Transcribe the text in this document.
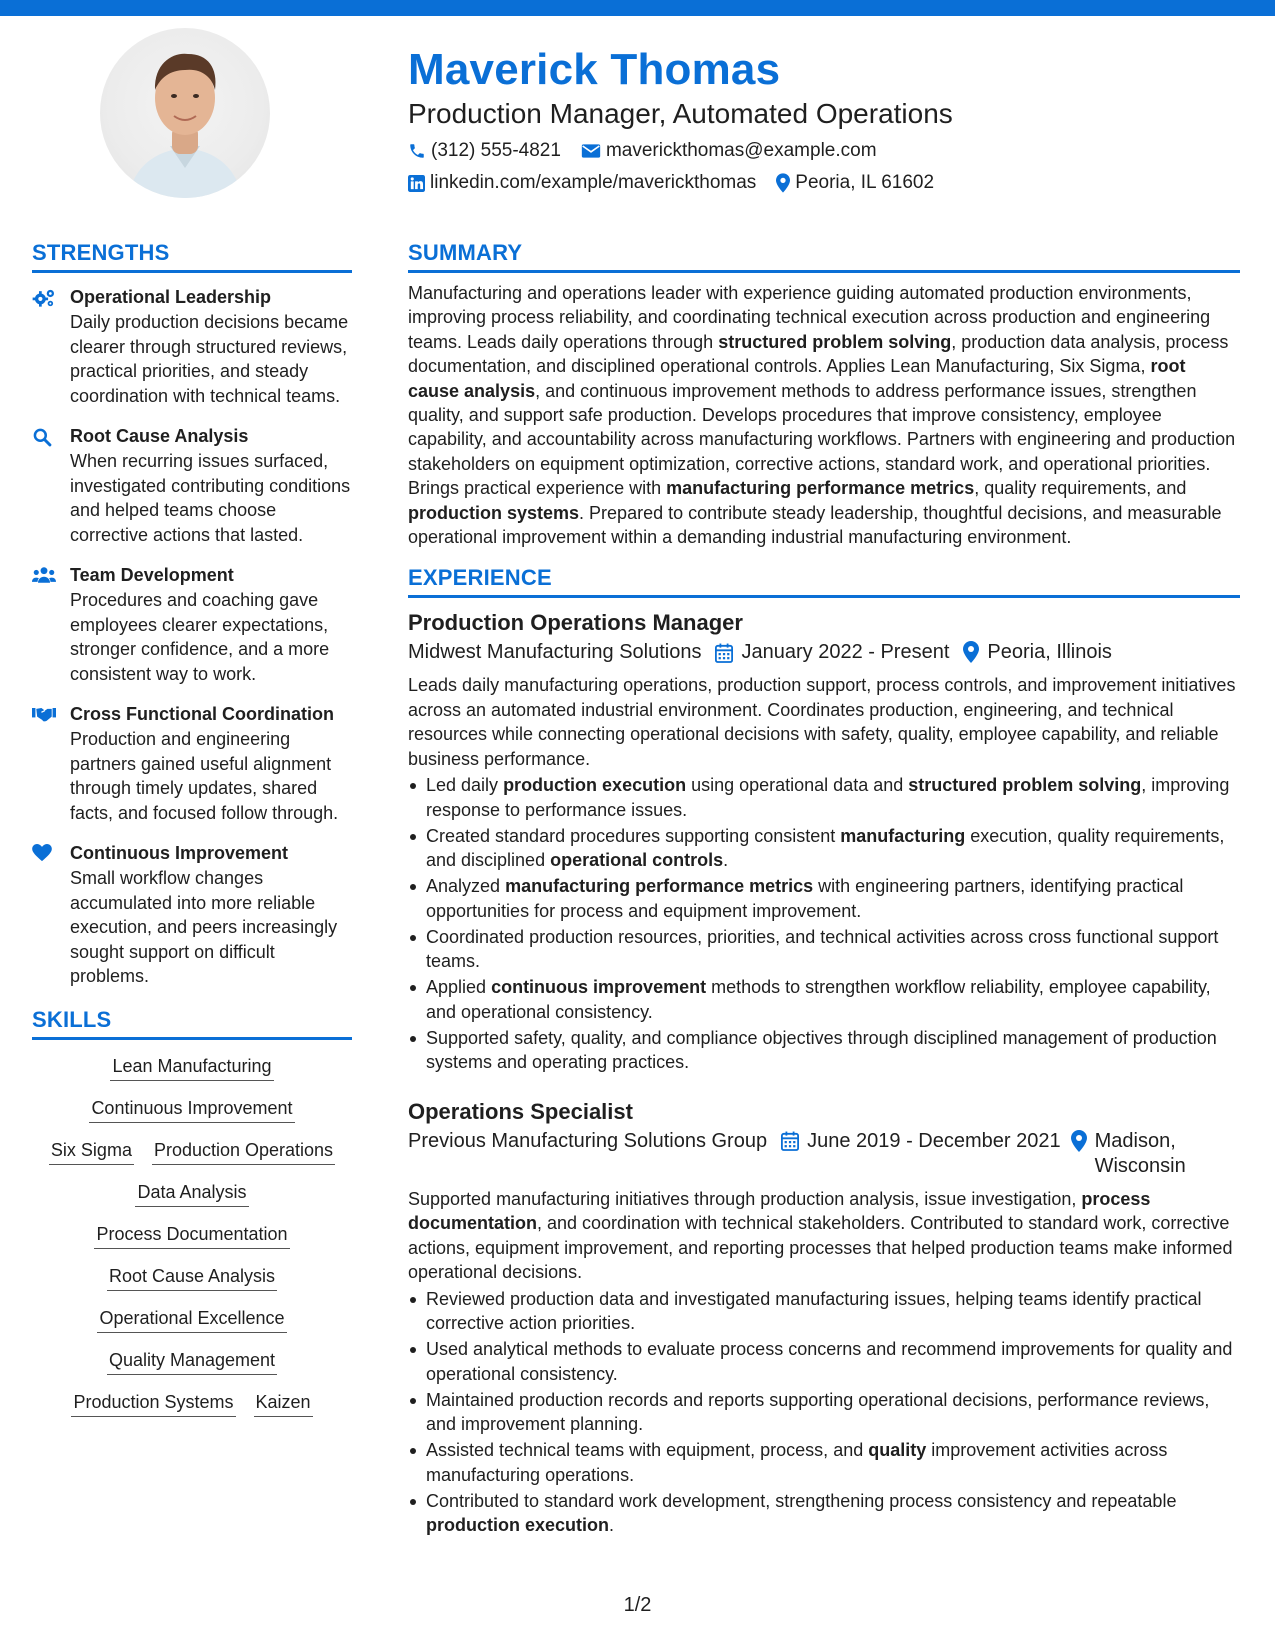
Maverick Thomas
Production Manager, Automated Operations
(312) 555-4821 maverickthomas@example.com
linkedin.com/example/maverickthomas Peoria, IL 61602
STRENGTHS
Operational Leadership
Daily production decisions became clearer through structured reviews, practical priorities, and steady coordination with technical teams.
Root Cause Analysis
When recurring issues surfaced, investigated contributing conditions and helped teams choose corrective actions that lasted.
Team Development
Procedures and coaching gave employees clearer expectations, stronger confidence, and a more consistent way to work.
Cross Functional Coordination
Production and engineering partners gained useful alignment through timely updates, shared facts, and focused follow through.
Continuous Improvement
Small workflow changes accumulated into more reliable execution, and peers increasingly sought support on difficult problems.
SKILLS
Lean Manufacturing
Continuous Improvement
Six Sigma Production Operations
Data Analysis
Process Documentation
Root Cause Analysis
Operational Excellence
Quality Management
Production Systems Kaizen
SUMMARY
Manufacturing and operations leader with experience guiding automated production environments, improving process reliability, and coordinating technical execution across production and engineering teams. Leads daily operations through structured problem solving, production data analysis, process documentation, and disciplined operational controls. Applies Lean Manufacturing, Six Sigma, root cause analysis, and continuous improvement methods to address performance issues, strengthen quality, and support safe production. Develops procedures that improve consistency, employee capability, and accountability across manufacturing workflows. Partners with engineering and production stakeholders on equipment optimization, corrective actions, standard work, and operational priorities. Brings practical experience with manufacturing performance metrics, quality requirements, and production systems. Prepared to contribute steady leadership, thoughtful decisions, and measurable operational improvement within a demanding industrial manufacturing environment.
EXPERIENCE
Production Operations Manager
Midwest Manufacturing Solutions January 2022 - Present Peoria, Illinois
Leads daily manufacturing operations, production support, process controls, and improvement initiatives across an automated industrial environment. Coordinates production, engineering, and technical resources while connecting operational decisions with safety, quality, employee capability, and reliable business performance.
Led daily production execution using operational data and structured problem solving, improving response to performance issues.
Created standard procedures supporting consistent manufacturing execution, quality requirements, and disciplined operational controls.
Analyzed manufacturing performance metrics with engineering partners, identifying practical opportunities for process and equipment improvement.
Coordinated production resources, priorities, and technical activities across cross functional support teams.
Applied continuous improvement methods to strengthen workflow reliability, employee capability, and operational consistency.
Supported safety, quality, and compliance objectives through disciplined management of production systems and operating practices.
Operations Specialist
Previous Manufacturing Solutions Group June 2019 - December 2021 Madison, Wisconsin
Supported manufacturing initiatives through production analysis, issue investigation, process documentation, and coordination with technical stakeholders. Contributed to standard work, corrective actions, equipment improvement, and reporting processes that helped production teams make informed operational decisions.
Reviewed production data and investigated manufacturing issues, helping teams identify practical corrective action priorities.
Used analytical methods to evaluate process concerns and recommend improvements for quality and operational consistency.
Maintained production records and reports supporting operational decisions, performance reviews, and improvement planning.
Assisted technical teams with equipment, process, and quality improvement activities across manufacturing operations.
Contributed to standard work development, strengthening process consistency and repeatable production execution.
1/2
